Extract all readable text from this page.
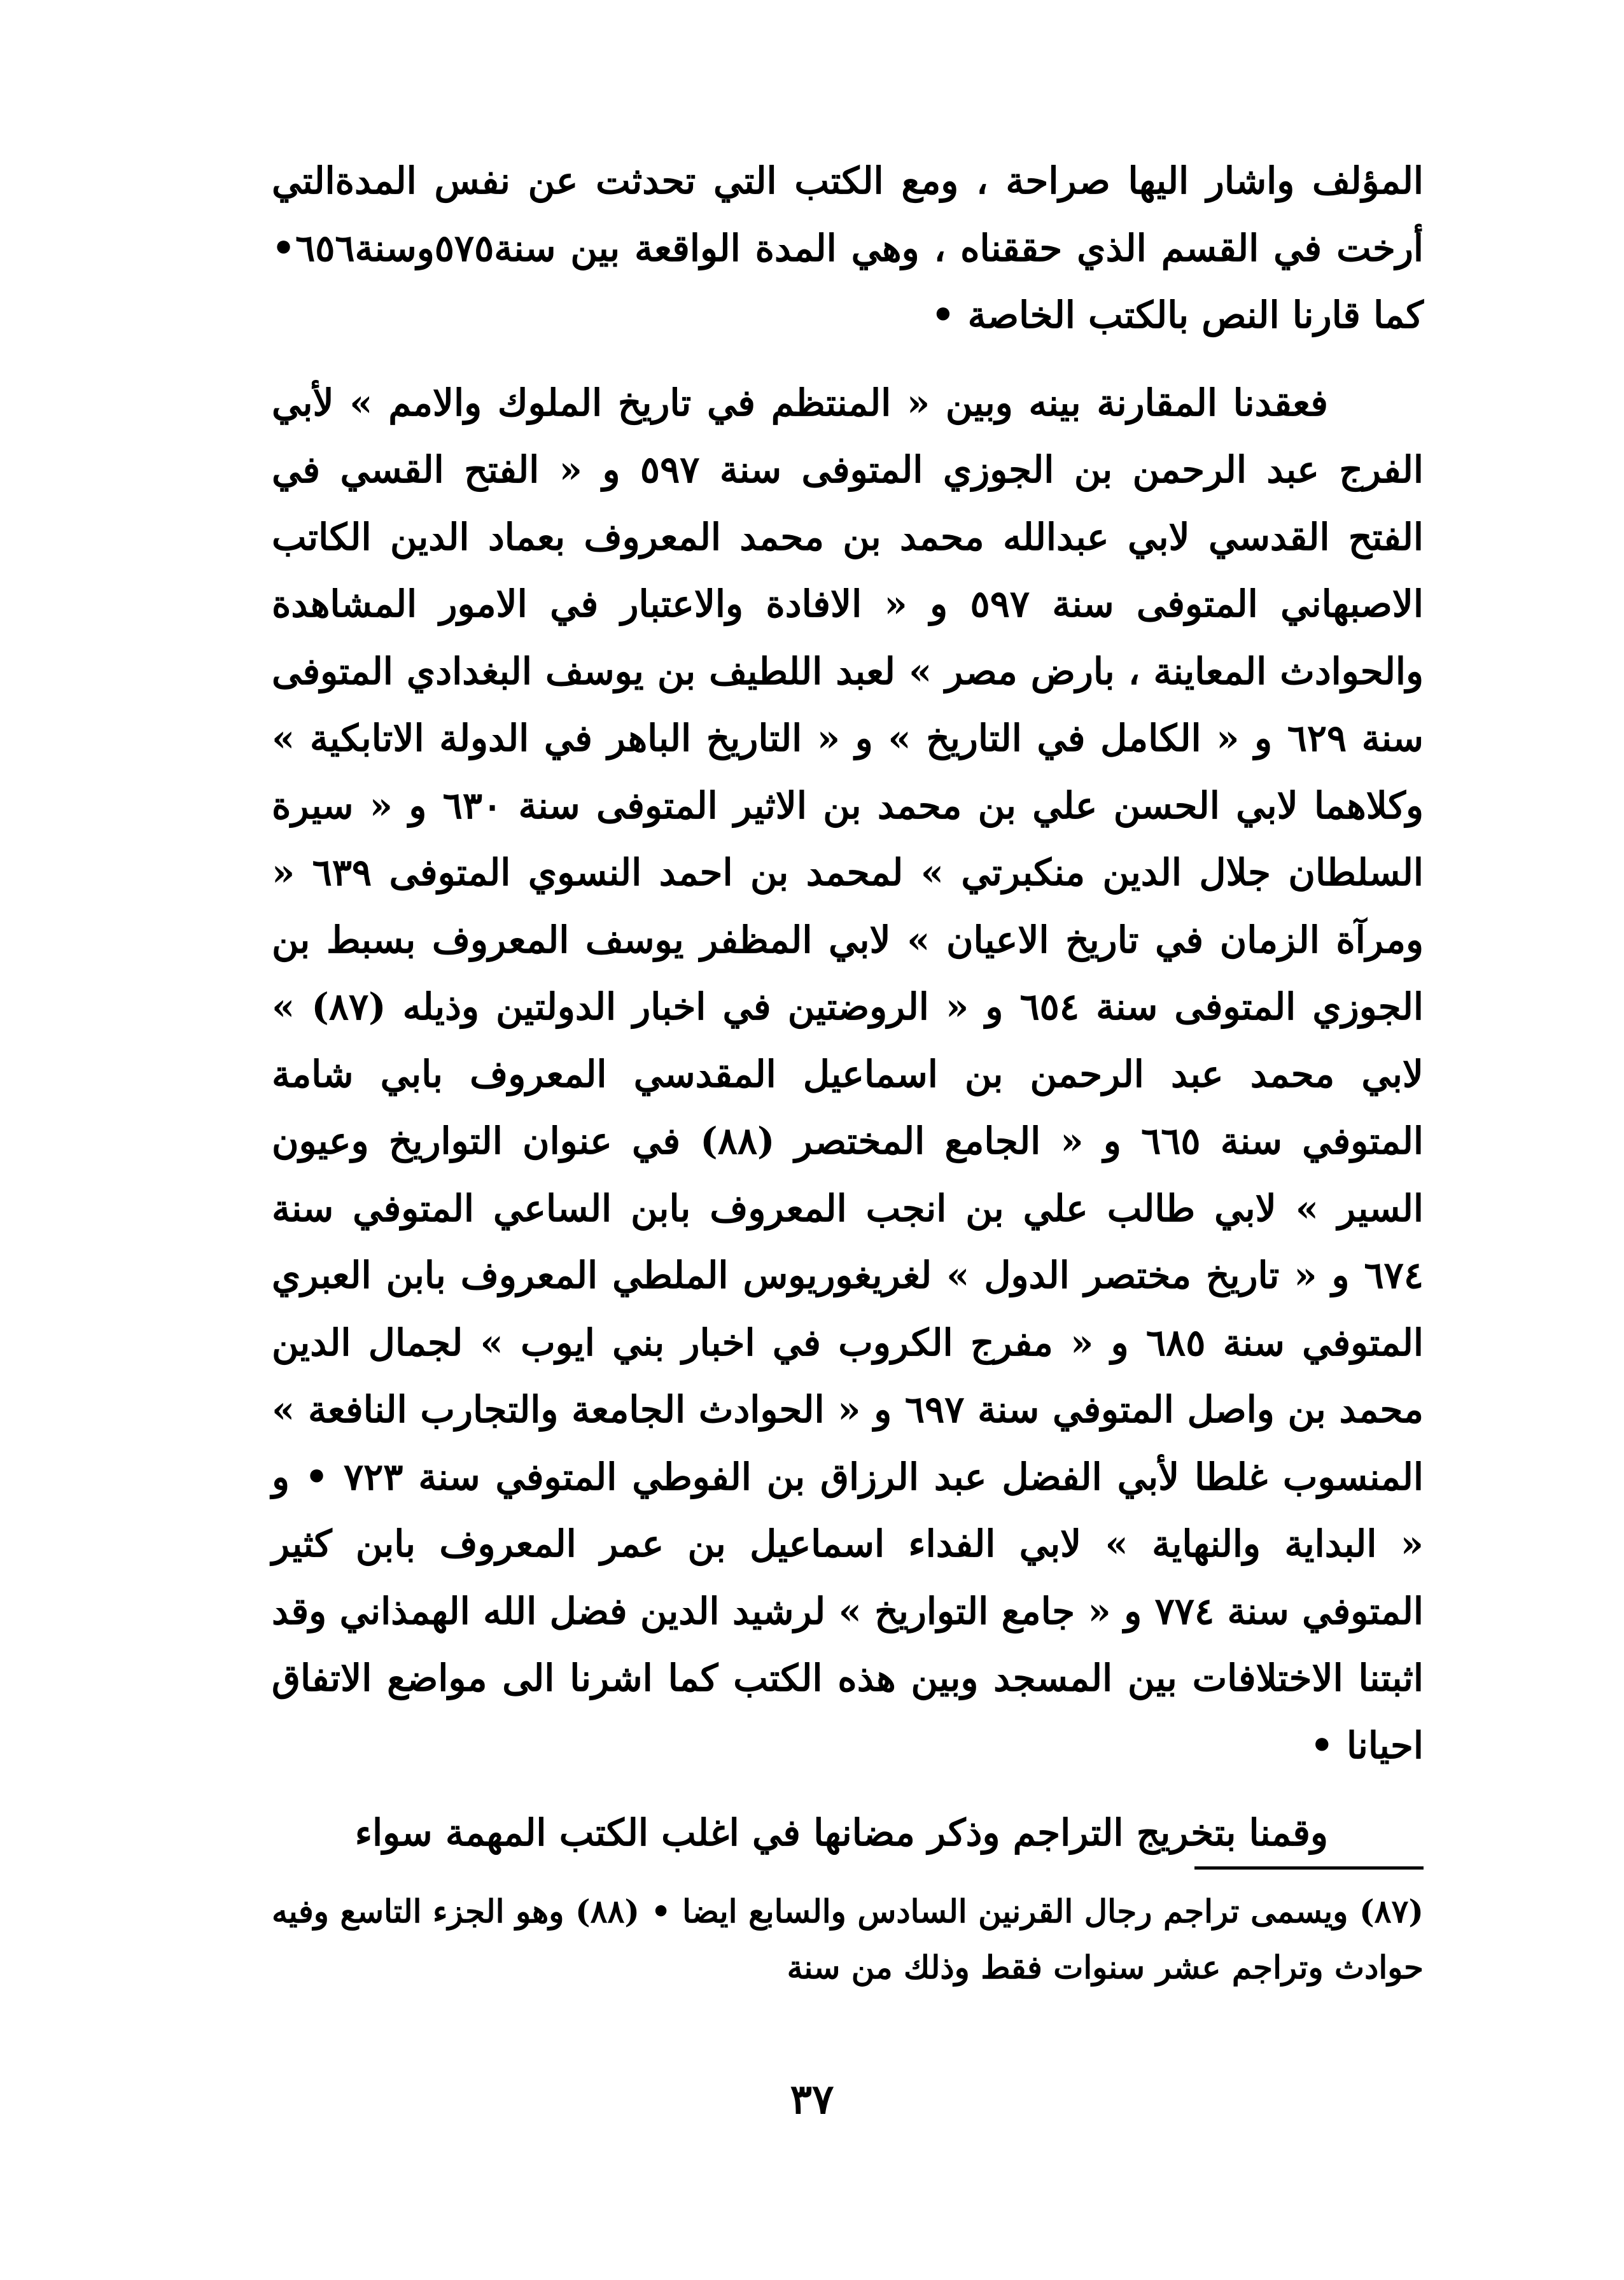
المؤلف واشار اليها صراحة ، ومع الكتب التي تحدثت عن نفس المدةالتي أرخت في القسم الذي حققناه ، وهي المدة الواقعة بين سنة٥٧٥وسنة٦٥٦• كما قارنا النص بالكتب الخاصة •

فعقدنا المقارنة بينه وبين « المنتظم في تاريخ الملوك والامم » لأبي الفرج عبد الرحمن بن الجوزي المتوفى سنة ٥٩٧ و « الفتح القسي في الفتح القدسي لابي عبدالله محمد بن محمد المعروف بعماد الدين الكاتب الاصبهاني المتوفى سنة ٥٩٧ و « الافادة والاعتبار في الامور المشاهدة والحوادث المعاينة ، بارض مصر » لعبد اللطيف بن يوسف البغدادي المتوفى سنة ٦٢٩ و « الكامل في التاريخ » و « التاريخ الباهر في الدولة الاتابكية » وكلاهما لابي الحسن علي بن محمد بن الاثير المتوفى سنة ٦٣٠ و « سيرة السلطان جلال الدين منكبرتي » لمحمد بن احمد النسوي المتوفى ٦٣٩ « ومرآة الزمان في تاريخ الاعيان » لابي المظفر يوسف المعروف بسبط بن الجوزي المتوفى سنة ٦٥٤ و « الروضتين في اخبار الدولتين وذيله (٨٧) » لابي محمد عبد الرحمن بن اسماعيل المقدسي المعروف بابي شامة المتوفي سنة ٦٦٥ و « الجامع المختصر (٨٨) في عنوان التواريخ وعيون السير » لابي طالب علي بن انجب المعروف بابن الساعي المتوفي سنة ٦٧٤ و « تاريخ مختصر الدول » لغريغوريوس الملطي المعروف بابن العبري المتوفي سنة ٦٨٥ و « مفرج الكروب في اخبار بني ايوب » لجمال الدين محمد بن واصل المتوفي سنة ٦٩٧ و « الحوادث الجامعة والتجارب النافعة » المنسوب غلطا لأبي الفضل عبد الرزاق بن الفوطي المتوفي سنة ٧٢٣ • و « البداية والنهاية » لابي الفداء اسماعيل بن عمر المعروف بابن كثير المتوفي سنة ٧٧٤ و « جامع التواريخ » لرشيد الدين فضل الله الهمذاني وقد اثبتنا الاختلافات بين المسجد وبين هذه الكتب كما اشرنا الى مواضع الاتفاق احيانا •

وقمنا بتخريج التراجم وذكر مضانها في اغلب الكتب المهمة سواء

(٨٧) ويسمى تراجم رجال القرنين السادس والسابع ايضا • (٨٨) وهو الجزء التاسع وفيه حوادث وتراجم عشر سنوات فقط وذلك من سنة

٣٧
